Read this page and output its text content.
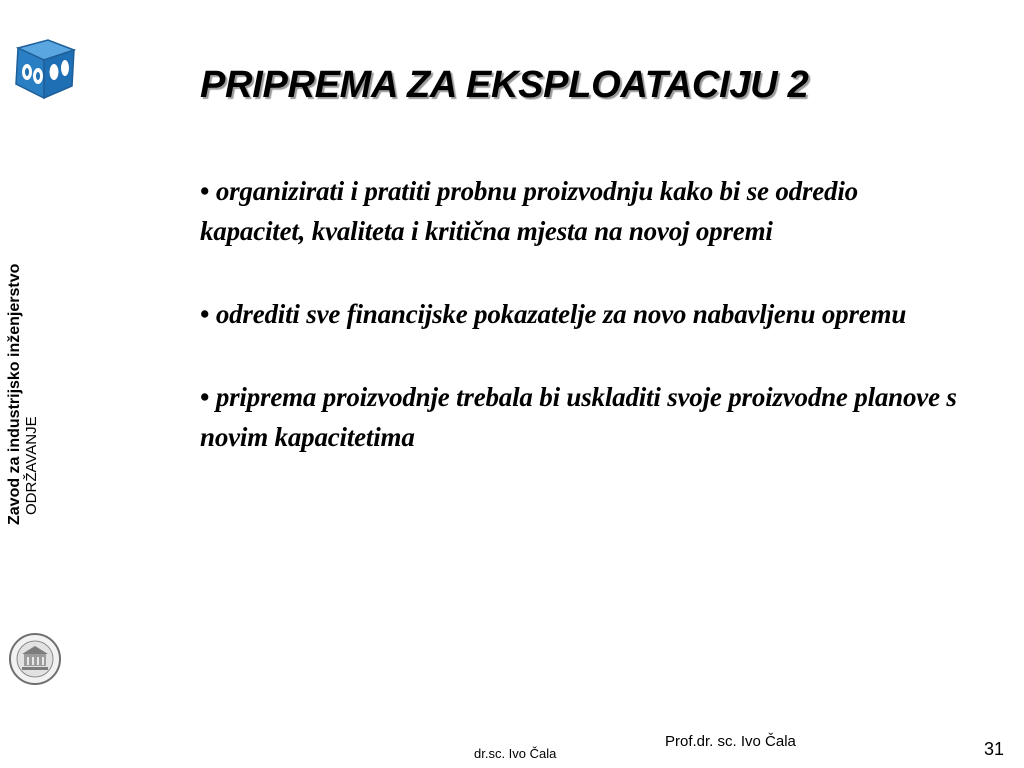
Zavod za industrijsko inženjerstvo ODRŽAVANJE
PRIPREMA ZA EKSPLOATACIJU 2

• organizirati i pratiti probnu proizvodnju kako bi se odredio kapacitet, kvaliteta i kritična mjesta na novoj opremi

• odrediti sve financijske pokazatelje za novo nabavljenu opremu

• priprema proizvodnje trebala bi uskladiti svoje proizvodne planove s novim kapacitetima

dr.sc. Ivo Čala
Prof.dr. sc. Ivo Čala	31
